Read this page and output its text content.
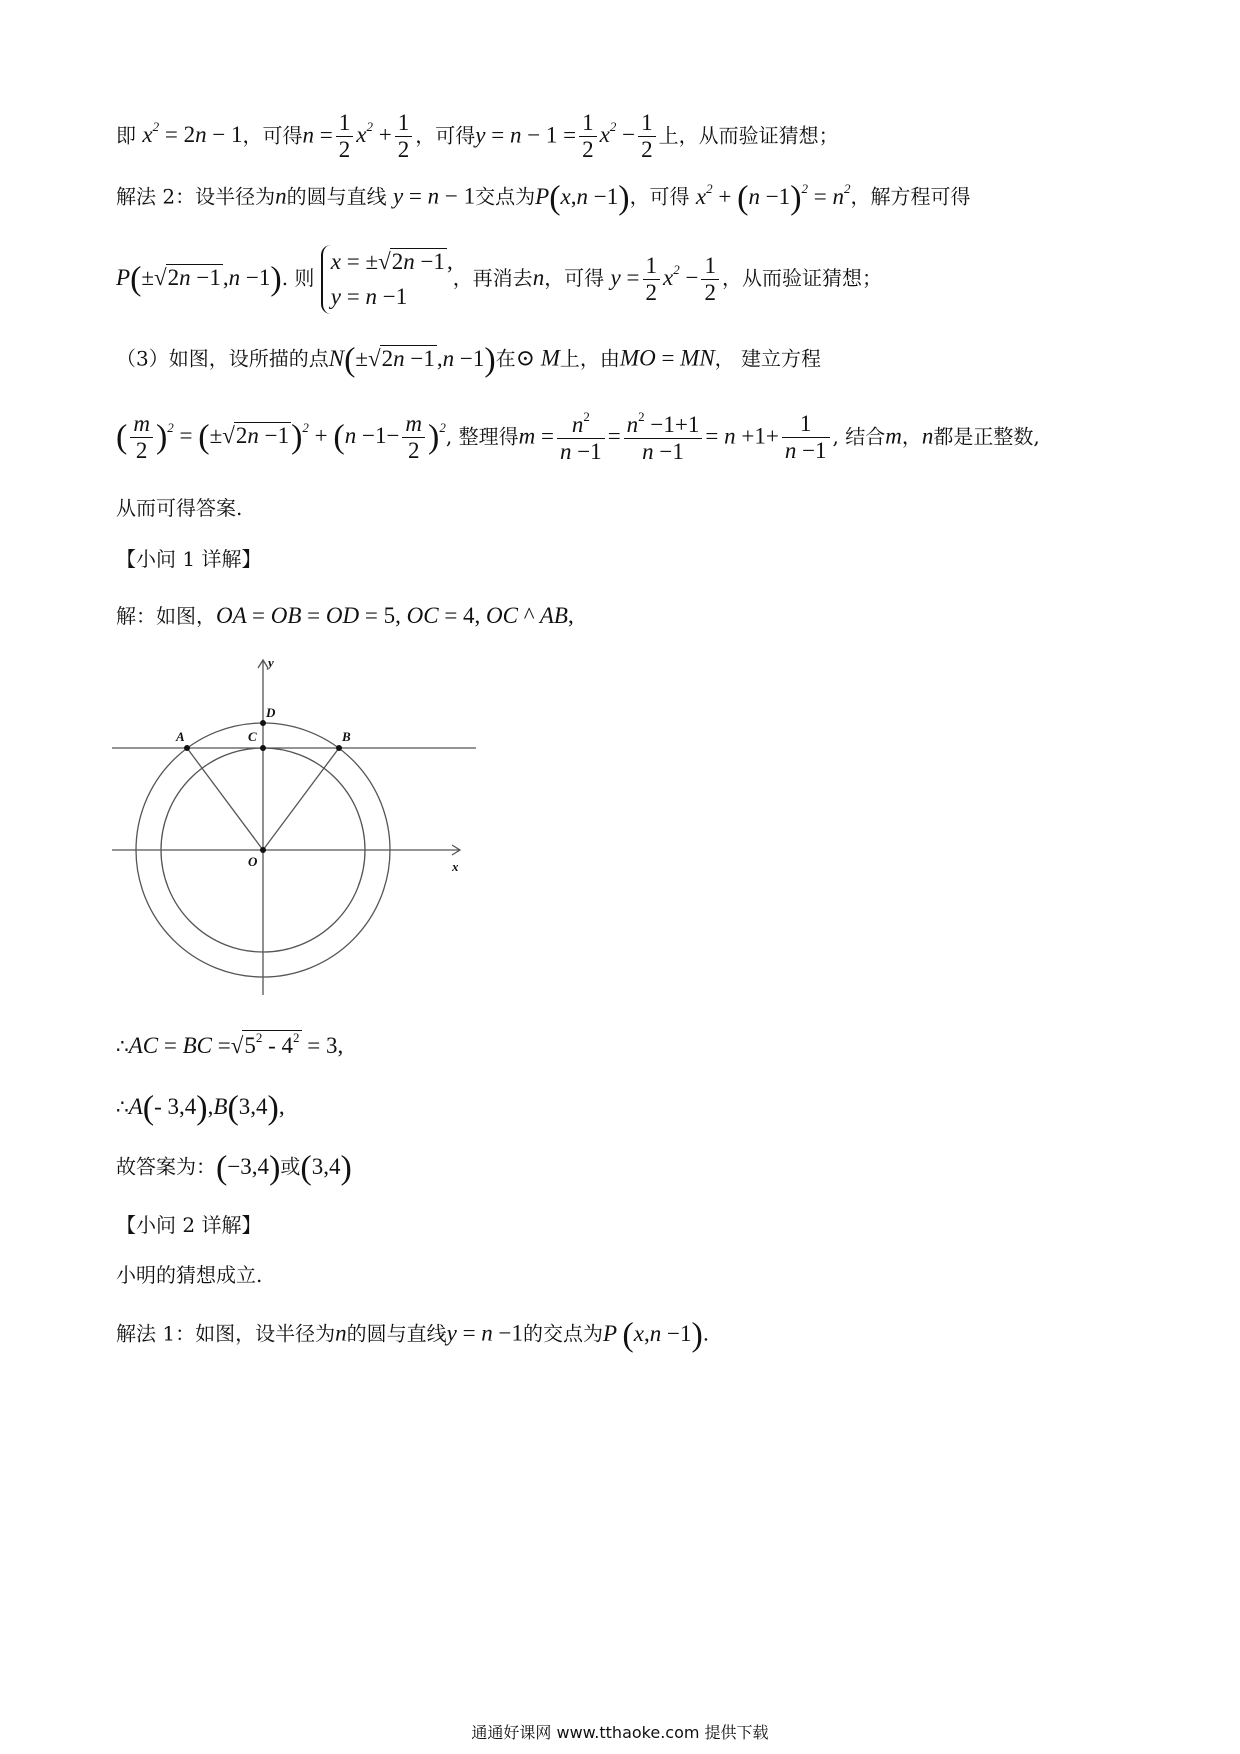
即 $x^2 = 2n - 1$，可得$n = \frac{1}{2} x^2 + \frac{1}{2}$ ，可得$y = n - 1 = \frac{1}{2} x^2 - \frac{1}{2}$ 上，从而验证猜想；
解法 2：设半径为n的圆与直线 y = n − 1交点为P(x,n −1)，可得 $x^2 + (n -1)^2 = n^2$，解方程可得
P(±√2n −1,n −1). 则
x = ±√2n −1,
y = n −1
，再消去n，可得 $y = \frac{1}{2} x^2 - \frac{1}{2}$ ，从而验证猜想；
（3）如图，设所描的点N(±√2n −1,n −1)在⊙ M上，由MO = MN， 建立方程
( $\frac{m}{2} )^2 = (\pm√2n -1)^2 + (n -1- \frac{m}{2} )^2$, 整理得$m = \frac{n^2}{n -1} = \frac{n^2 -1+1}{n -1} = n +1+ \frac{1}{n -1}$ , 结合m，n都是正整数,
从而可得答案.
【小问 1 详解】
解：如图，OA = OB = OD = 5, OC = 4, OC ^ AB,
y
x
A	B
C
D
O
∴AC = BC $=√5^2 - 4^2 = 3$,
∴A(- 3,4),B(3,4),
故答案为：(−3,4)或(3,4)
【小问 2 详解】
小明的猜想成立.
解法 1：如图，设半径为n的圆与直线y = n −1的交点为P (x,n −1).
通通好课网 www.tthaoke.com 提供下载
